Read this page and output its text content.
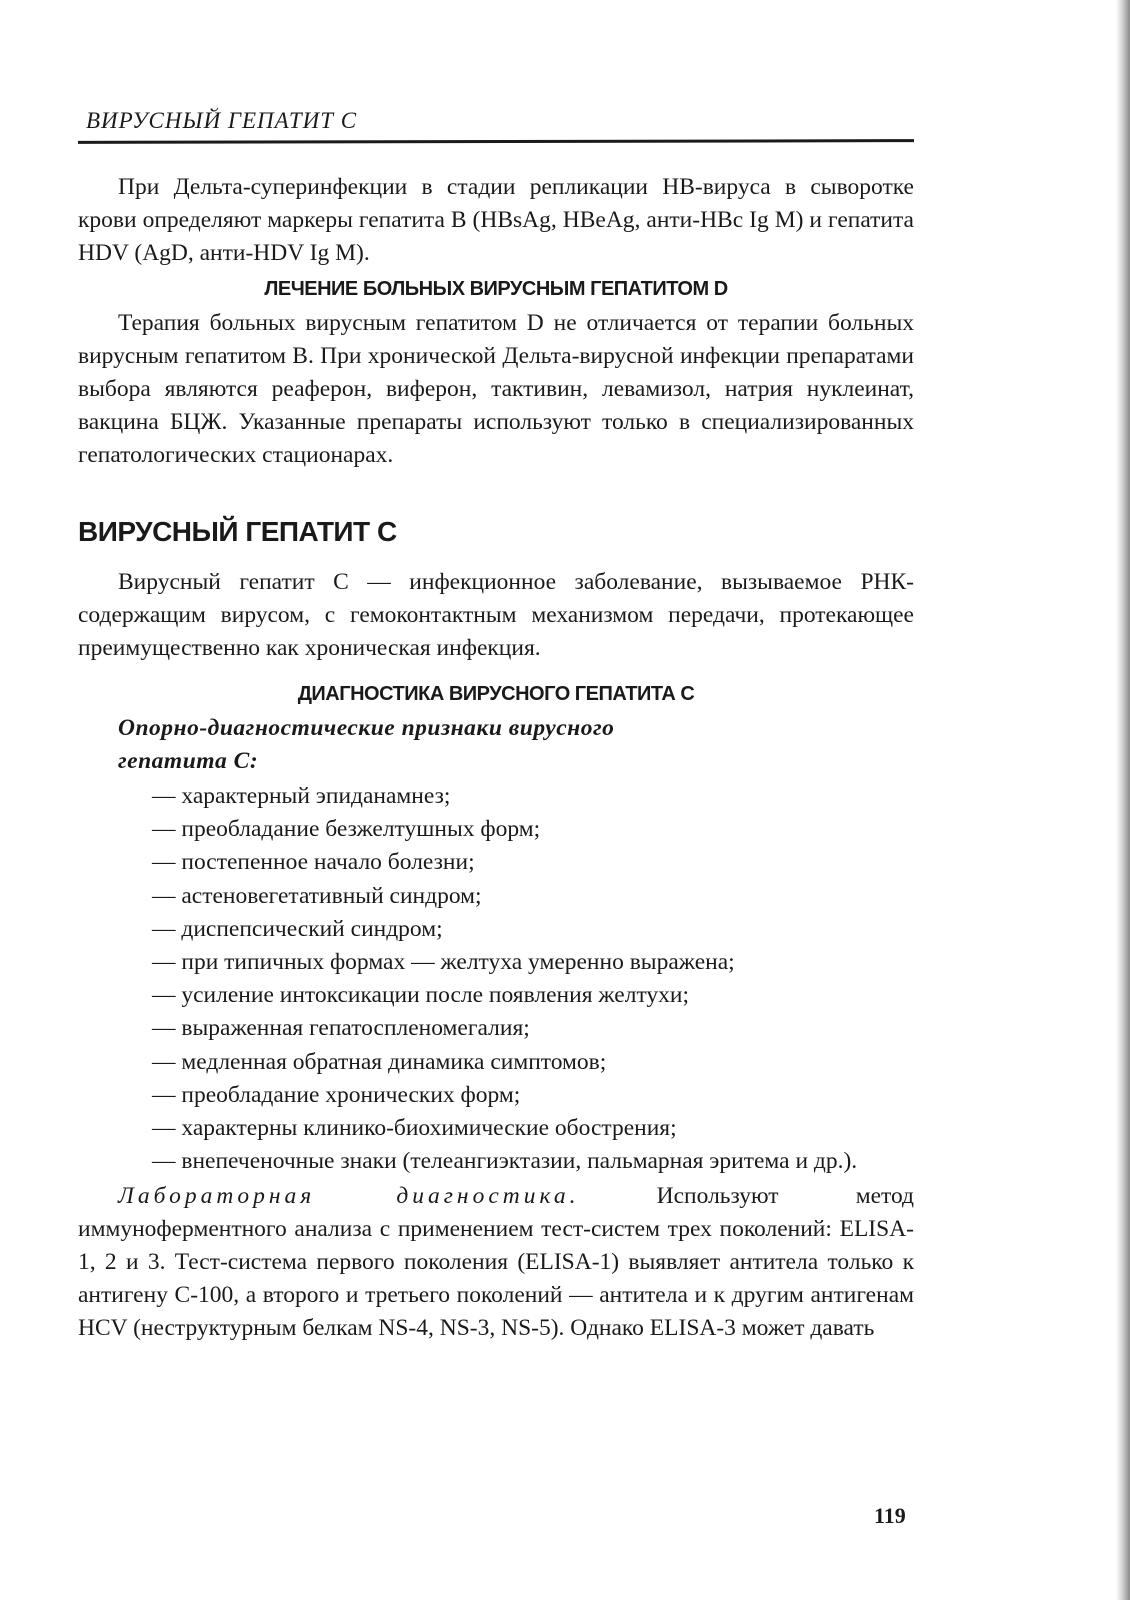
ВИРУСНЫЙ ГЕПАТИТ С

При Дельта-суперинфекции в стадии репликации НВ-вируса в сыворотке крови определяют маркеры гепатита В (HBsAg, HBeAg, анти-HBc Ig M) и гепатита HDV (AgD, анти-HDV Ig M).

ЛЕЧЕНИЕ БОЛЬНЫХ ВИРУСНЫМ ГЕПАТИТОМ D

Терапия больных вирусным гепатитом D не отличается от терапии больных вирусным гепатитом В. При хронической Дельта-вирусной инфекции препаратами выбора являются реаферон, виферон, тактивин, левамизол, натрия нуклеинат, вакцина БЦЖ. Указанные препараты используют только в специализированных гепатологических стационарах.

ВИРУСНЫЙ ГЕПАТИТ С

Вирусный гепатит С — инфекционное заболевание, вызываемое РНК-содержащим вирусом, с гемоконтактным механизмом передачи, протекающее преимущественно как хроническая инфекция.

ДИАГНОСТИКА ВИРУСНОГО ГЕПАТИТА С
Опорно-диагностические признаки вирусного гепатита С:
— характерный эпиданамнез;
— преобладание безжелтушных форм;
— постепенное начало болезни;
— астеновегетативный синдром;
— диспепсический синдром;
— при типичных формах — желтуха умеренно выражена;
— усиление интоксикации после появления желтухи;
— выраженная гепатоспленомегалия;
— медленная обратная динамика симптомов;
— преобладание хронических форм;
— характерны клинико-биохимические обострения;
— внепеченочные знаки (телеангиэктазии, пальмарная эритема и др.).

Лабораторная диагностика. Используют метод иммуноферментного анализа с применением тест-систем трех поколений: ELISA-1, 2 и 3. Тест-система первого поколения (ELISA-1) выявляет антитела только к антигену С-100, а второго и третьего поколений — антитела и к другим антигенам HCV (неструктурным белкам NS-4, NS-3, NS-5). Однако ELISA-3 может давать

119
